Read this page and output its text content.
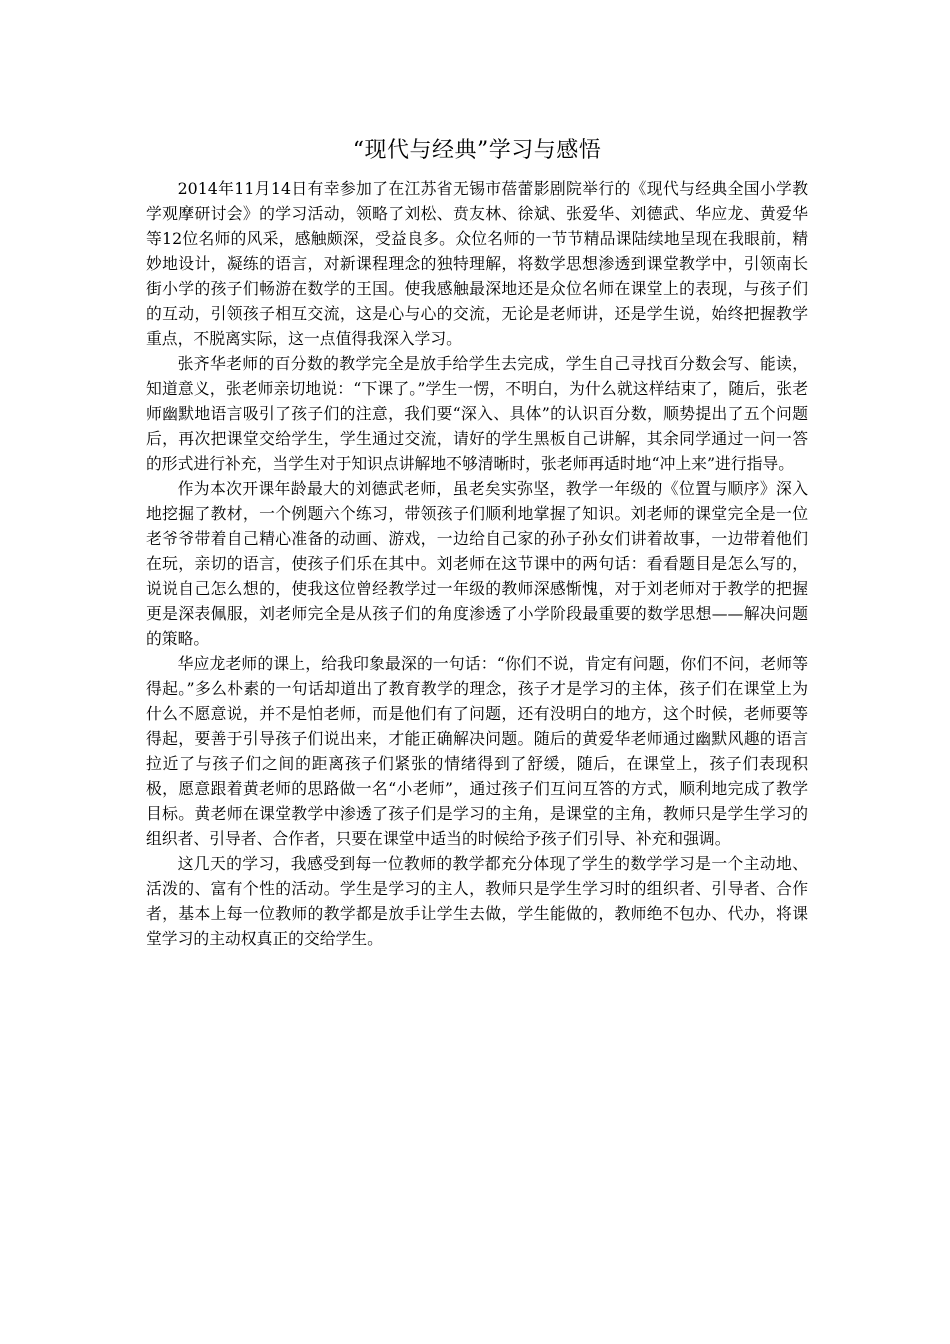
“现代与经典”学习与感悟

2014年11月14日有幸参加了在江苏省无锡市蓓蕾影剧院举行的《现代与经典全国小学教学观摩研讨会》的学习活动，领略了刘松、贲友林、徐斌、张爱华、刘德武、华应龙、黄爱华等12位名师的风采，感触颇深，受益良多。众位名师的一节节精品课陆续地呈现在我眼前，精妙地设计，凝练的语言，对新课程理念的独特理解，将数学思想渗透到课堂教学中，引领南长街小学的孩子们畅游在数学的王国。使我感触最深地还是众位名师在课堂上的表现，与孩子们的互动，引领孩子相互交流，这是心与心的交流，无论是老师讲，还是学生说，始终把握教学重点，不脱离实际，这一点值得我深入学习。

张齐华老师的百分数的教学完全是放手给学生去完成，学生自己寻找百分数会写、能读，知道意义，张老师亲切地说：“下课了。”学生一愣，不明白，为什么就这样结束了，随后，张老师幽默地语言吸引了孩子们的注意，我们要“深入、具体”的认识百分数，顺势提出了五个问题后，再次把课堂交给学生，学生通过交流，请好的学生黑板自己讲解，其余同学通过一问一答的形式进行补充，当学生对于知识点讲解地不够清晰时，张老师再适时地“冲上来”进行指导。

作为本次开课年龄最大的刘德武老师，虽老矣实弥坚，教学一年级的《位置与顺序》深入地挖掘了教材，一个例题六个练习，带领孩子们顺利地掌握了知识。刘老师的课堂完全是一位老爷爷带着自己精心准备的动画、游戏，一边给自己家的孙子孙女们讲着故事，一边带着他们在玩，亲切的语言，使孩子们乐在其中。刘老师在这节课中的两句话：看看题目是怎么写的，说说自己怎么想的，使我这位曾经教学过一年级的教师深感惭愧，对于刘老师对于教学的把握更是深表佩服，刘老师完全是从孩子们的角度渗透了小学阶段最重要的数学思想——解决问题的策略。

华应龙老师的课上，给我印象最深的一句话：“你们不说，肯定有问题，你们不问，老师等得起。”多么朴素的一句话却道出了教育教学的理念，孩子才是学习的主体，孩子们在课堂上为什么不愿意说，并不是怕老师，而是他们有了问题，还有没明白的地方，这个时候，老师要等得起，要善于引导孩子们说出来，才能正确解决问题。随后的黄爱华老师通过幽默风趣的语言拉近了与孩子们之间的距离孩子们紧张的情绪得到了舒缓，随后，在课堂上，孩子们表现积极，愿意跟着黄老师的思路做一名“小老师”，通过孩子们互问互答的方式，顺利地完成了教学目标。黄老师在课堂教学中渗透了孩子们是学习的主角，是课堂的主角，教师只是学生学习的组织者、引导者、合作者，只要在课堂中适当的时候给予孩子们引导、补充和强调。

这几天的学习，我感受到每一位教师的教学都充分体现了学生的数学学习是一个主动地、活泼的、富有个性的活动。学生是学习的主人，教师只是学生学习时的组织者、引导者、合作者，基本上每一位教师的教学都是放手让学生去做，学生能做的，教师绝不包办、代办，将课堂学习的主动权真正的交给学生。
